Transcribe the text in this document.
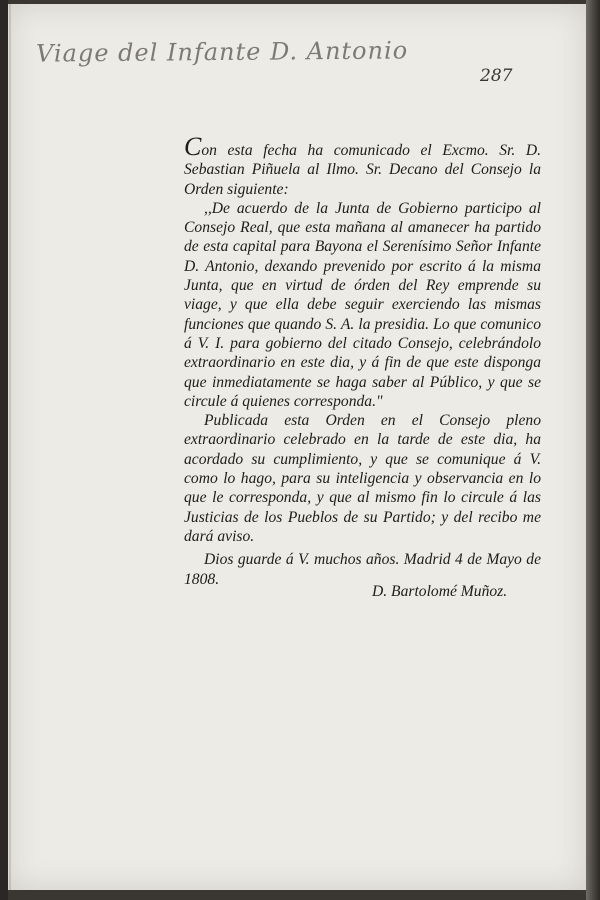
Viage del Infante D. Antonio
287

Con esta fecha ha comunicado el Excmo. Sr. D. Sebastian Piñuela al Ilmo. Sr. Decano del Consejo la Orden siguiente:

,,De acuerdo de la Junta de Gobierno participo al Consejo Real, que esta mañana al amanecer ha partido de esta capital para Bayona el Serenísimo Señor Infante D. Antonio, dexando prevenido por escrito á la misma Junta, que en virtud de órden del Rey emprende su viage, y que ella debe seguir exerciendo las mismas funciones que quando S. A. la presidia. Lo que comunico á V. I. para gobierno del citado Consejo, celebrándolo extraordinario en este dia, y á fin de que este disponga que inmediatamente se haga saber al Público, y que se circule á quienes corresponda."

Publicada esta Orden en el Consejo pleno extraordinario celebrado en la tarde de este dia, ha acordado su cumplimiento, y que se comunique á V. como lo hago, para su inteligencia y observancia en lo que le corresponda, y que al mismo fin lo circule á las Justicias de los Pueblos de su Partido; y del recibo me dará aviso.

Dios guarde á V. muchos años. Madrid 4 de Mayo de 1808.

D. Bartolomé Muñoz.
